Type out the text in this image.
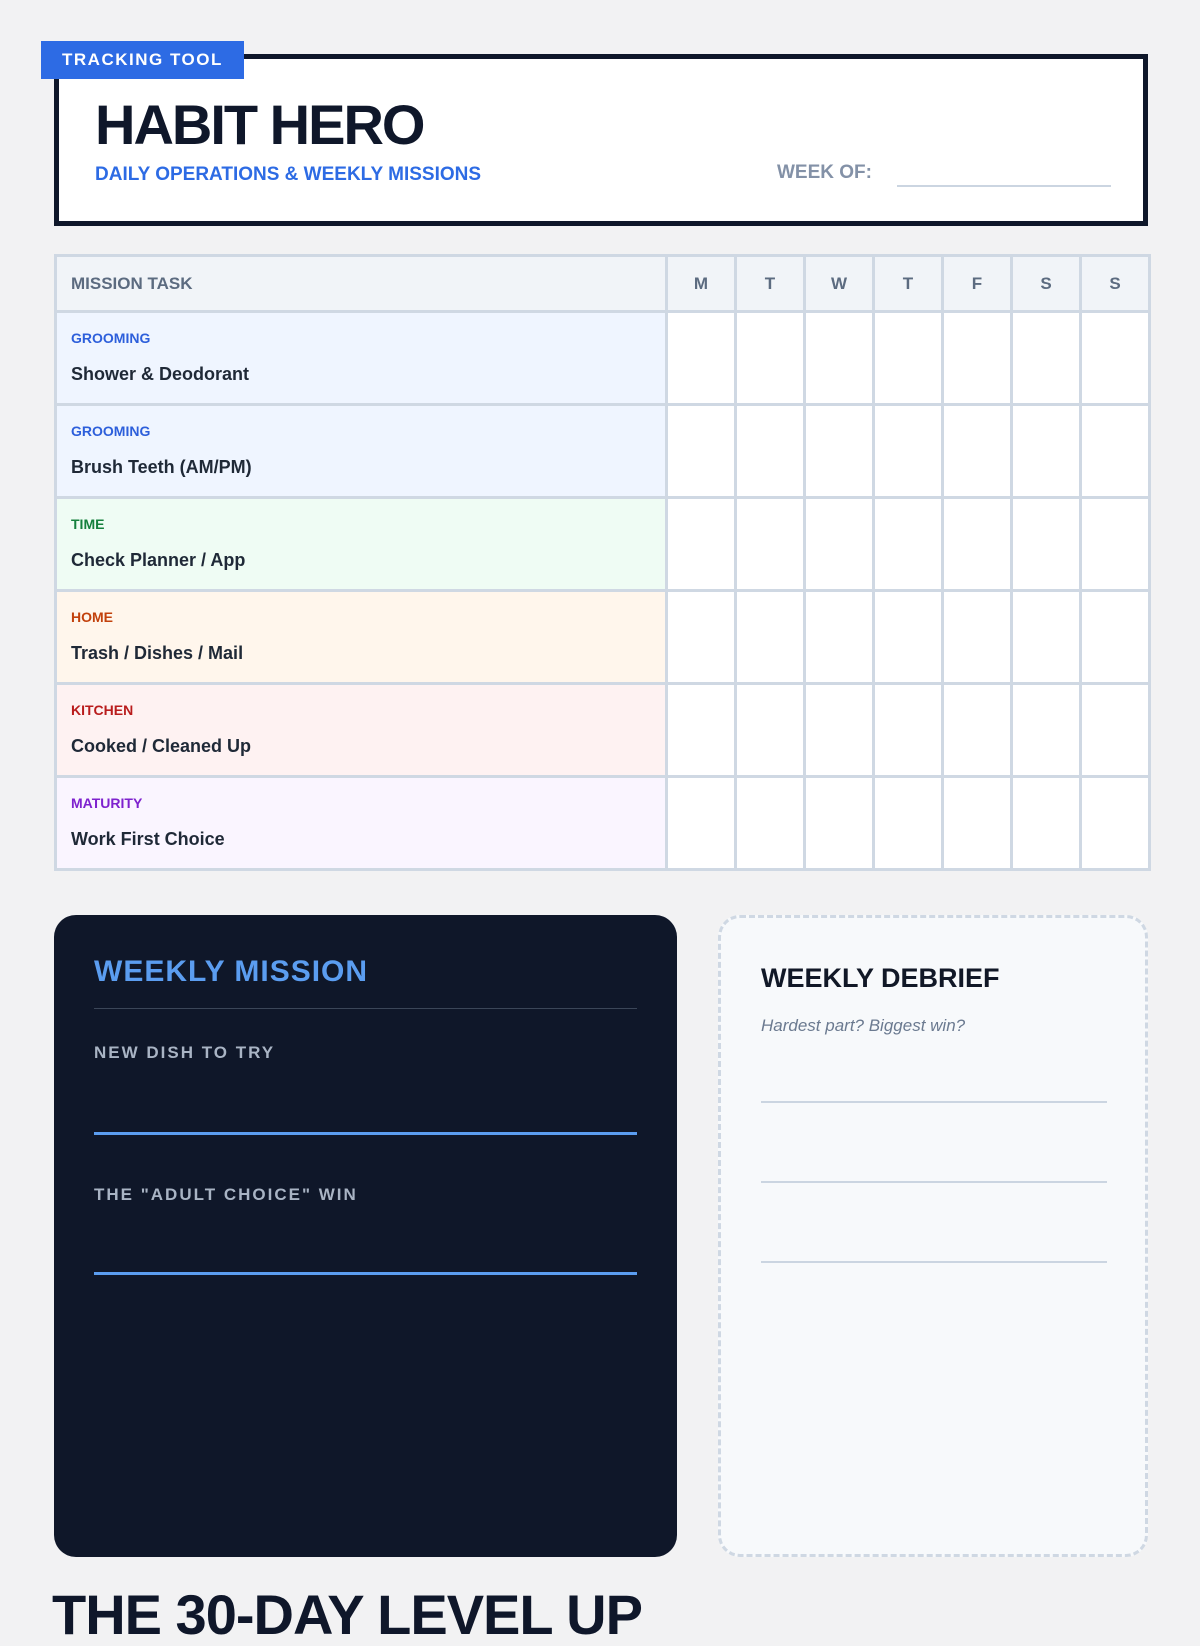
TRACKING TOOL
HABIT HERO
DAILY OPERATIONS & WEEKLY MISSIONS	WEEK OF:
MISSION TASK	M	T	W	T	F	S	S

GROOMING
Shower & Deodorant							

GROOMING
Brush Teeth (AM/PM)							

TIME
Check Planner / App							

HOME
Trash / Dishes / Mail							

KITCHEN
Cooked / Cleaned Up							

MATURITY
Work First Choice							

WEEKLY MISSION
NEW DISH TO TRY
THE "ADULT CHOICE" WIN
WEEKLY DEBRIEF
Hardest part? Biggest win?
THE 30-DAY LEVEL UP
